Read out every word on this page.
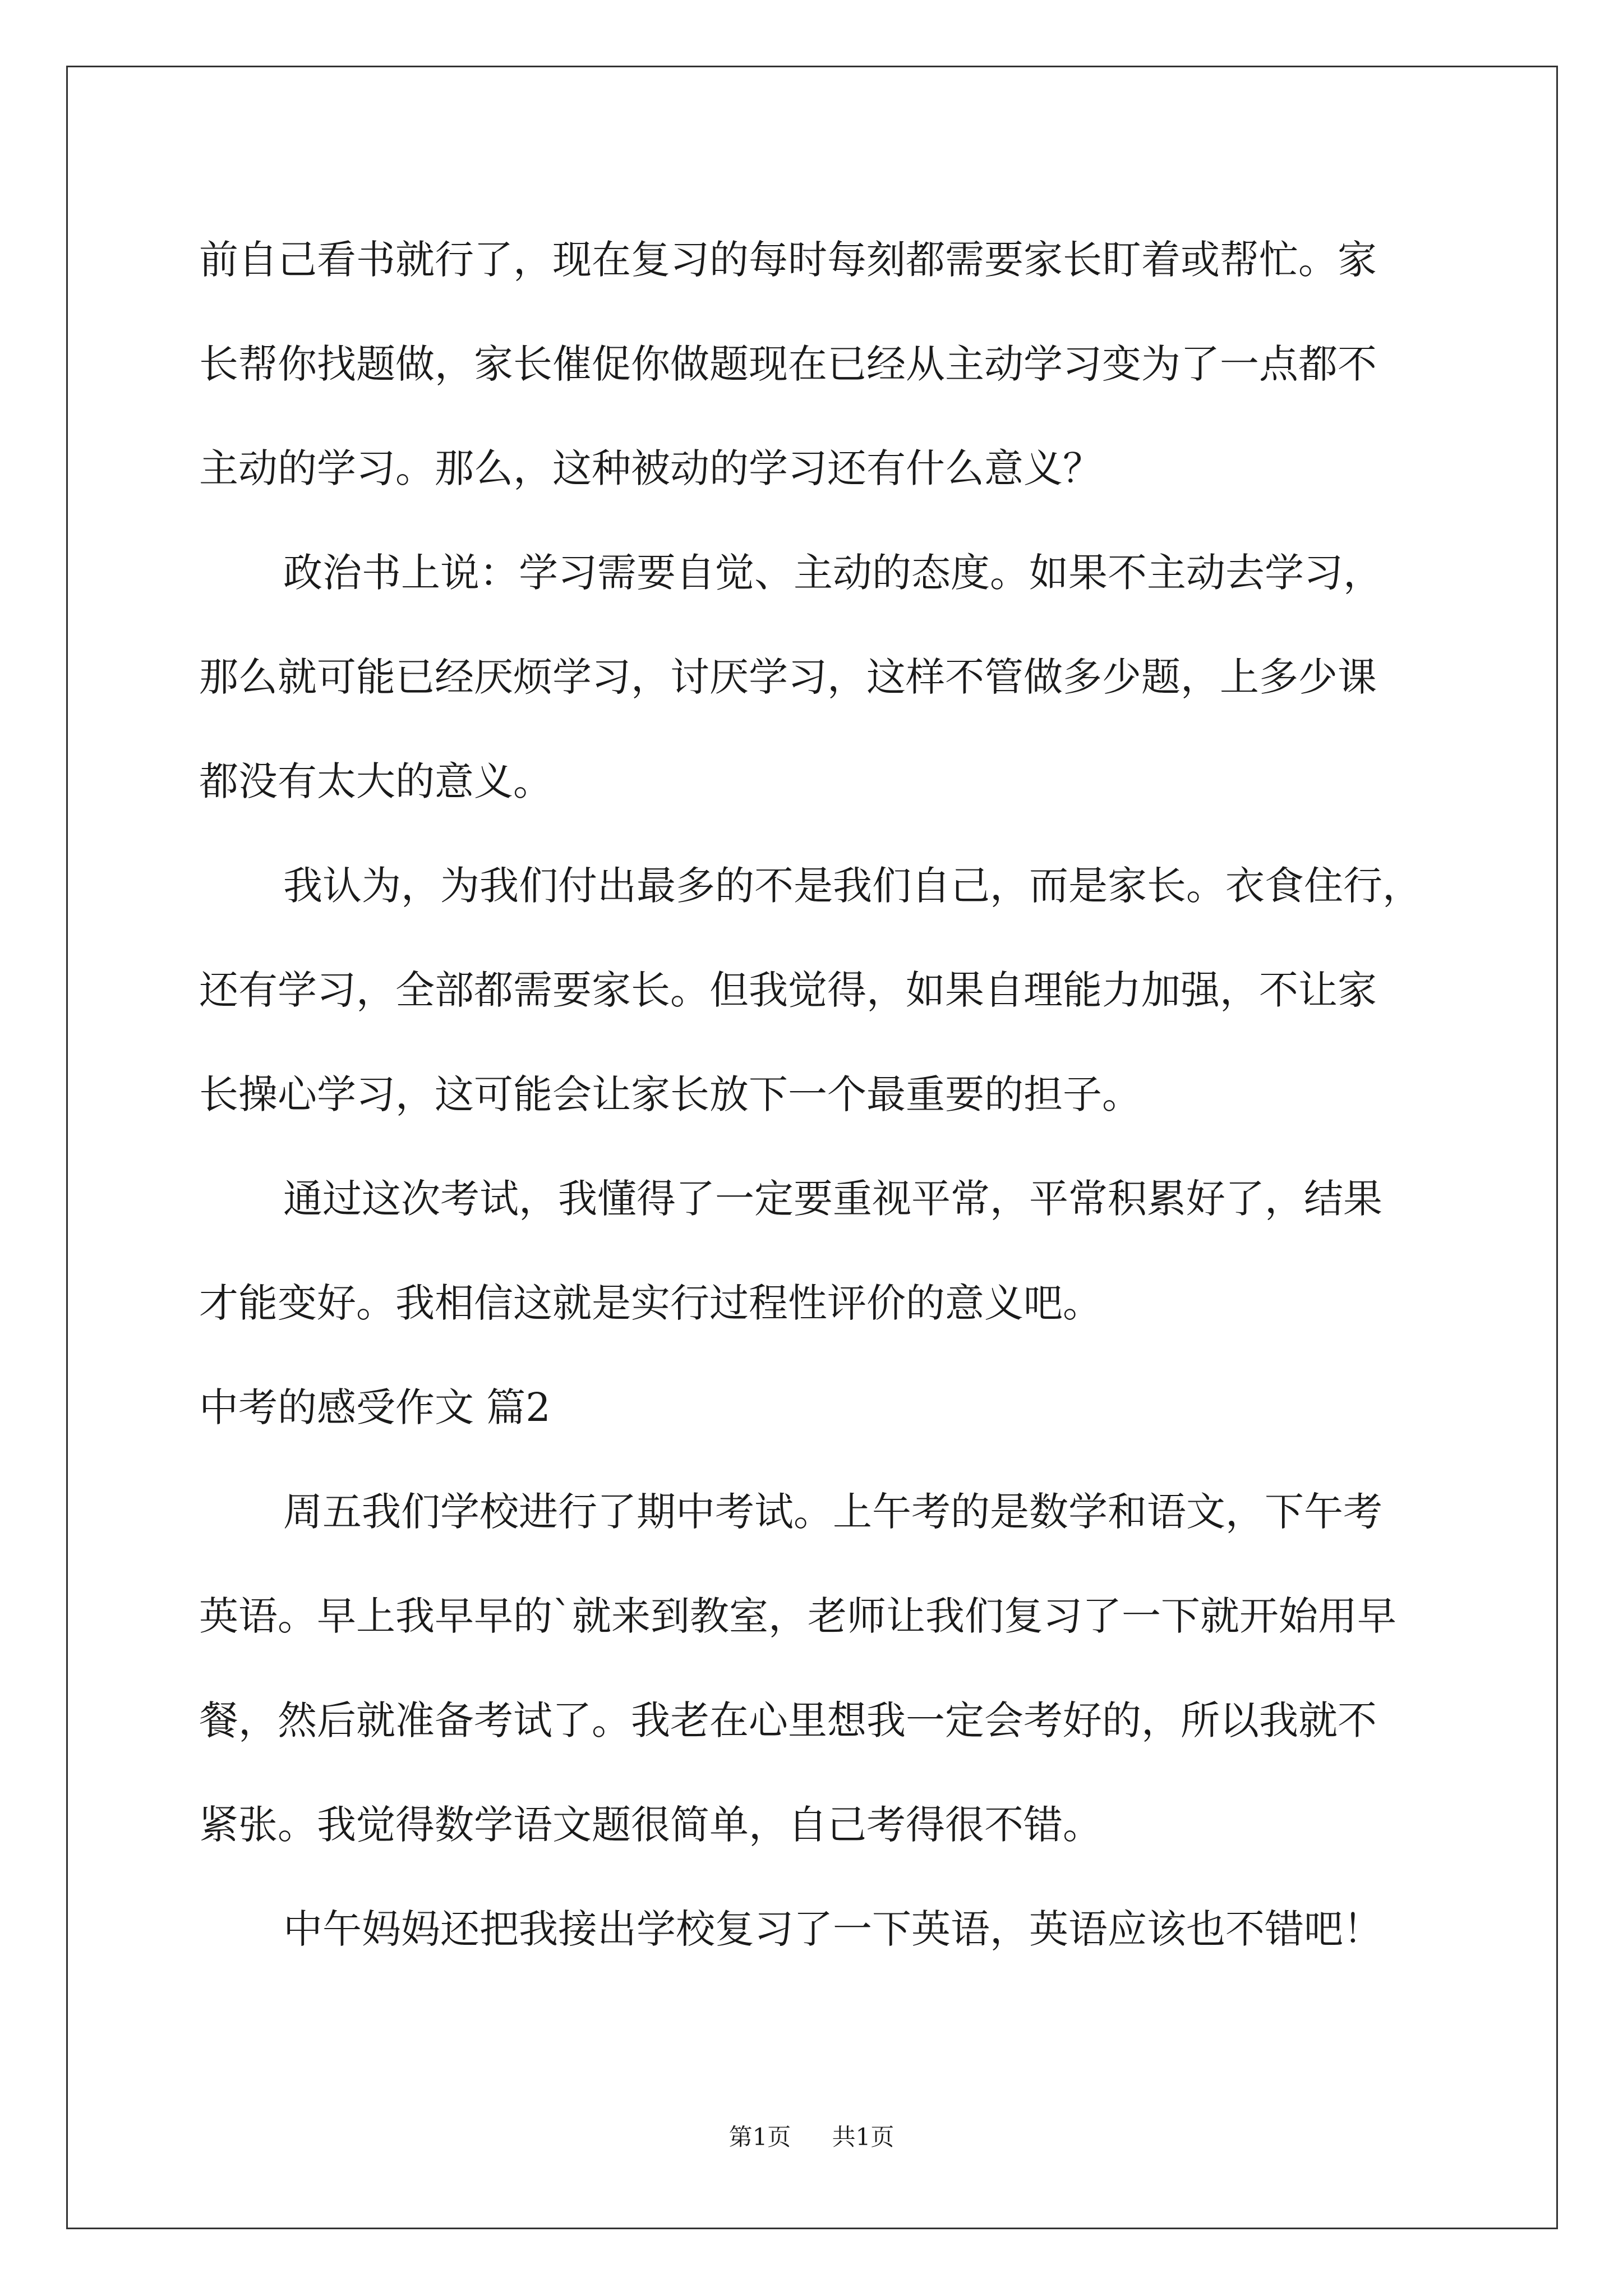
前自己看书就行了，现在复习的每时每刻都需要家长盯着或帮忙。家
长帮你找题做，家长催促你做题现在已经从主动学习变为了一点都不
主动的学习。那么，这种被动的学习还有什么意义？
政治书上说：学习需要自觉、主动的态度。如果不主动去学习，
那么就可能已经厌烦学习，讨厌学习，这样不管做多少题，上多少课
都没有太大的意义。
我认为，为我们付出最多的不是我们自己，而是家长。衣食住行，
还有学习，全部都需要家长。但我觉得，如果自理能力加强，不让家
长操心学习，这可能会让家长放下一个最重要的担子。
通过这次考试，我懂得了一定要重视平常，平常积累好了，结果
才能变好。我相信这就是实行过程性评价的意义吧。
中考的感受作文 篇2
周五我们学校进行了期中考试。上午考的是数学和语文，下午考
英语。早上我早早的`就来到教室，老师让我们复习了一下就开始用早
餐，然后就准备考试了。我老在心里想我一定会考好的，所以我就不
紧张。我觉得数学语文题很简单，自己考得很不错。
中午妈妈还把我接出学校复习了一下英语，英语应该也不错吧！
第1页 共1页
